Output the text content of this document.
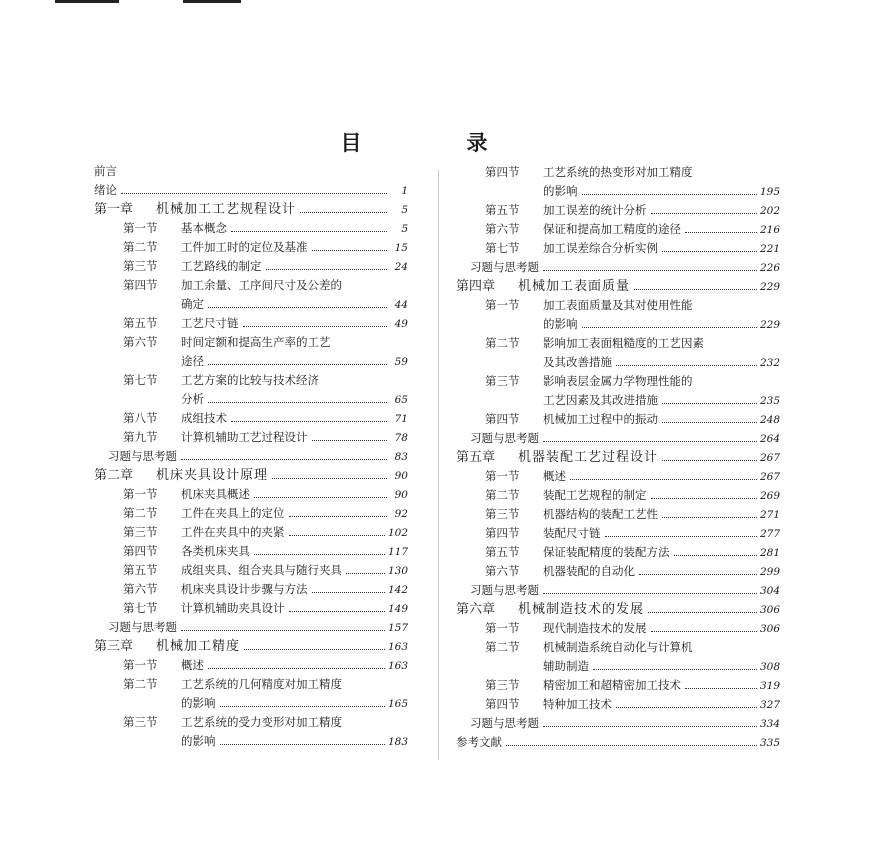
目　录
前言
绪论	1
第一章	机械加工工艺规程设计	5
第一节	基本概念	5
第二节	工件加工时的定位及基准	15
第三节	工艺路线的制定	24
第四节	加工余量、工序间尺寸及公差的
确定	44
第五节	工艺尺寸链	49
第六节	时间定额和提高生产率的工艺
途径	59
第七节	工艺方案的比较与技术经济
分析	65
第八节	成组技术	71
第九节	计算机辅助工艺过程设计	78
习题与思考题	83
第二章	机床夹具设计原理	90
第一节	机床夹具概述	90
第二节	工件在夹具上的定位	92
第三节	工件在夹具中的夹紧	102
第四节	各类机床夹具	117
第五节	成组夹具、组合夹具与随行夹具	130
第六节	机床夹具设计步骤与方法	142
第七节	计算机辅助夹具设计	149
习题与思考题	157
第三章	机械加工精度	163
第一节	概述	163
第二节	工艺系统的几何精度对加工精度
的影响	165
第三节	工艺系统的受力变形对加工精度
的影响	183
第四节	工艺系统的热变形对加工精度
的影响	195
第五节	加工误差的统计分析	202
第六节	保证和提高加工精度的途径	216
第七节	加工误差综合分析实例	221
习题与思考题	226
第四章	机械加工表面质量	229
第一节	加工表面质量及其对使用性能
的影响	229
第二节	影响加工表面粗糙度的工艺因素
及其改善措施	232
第三节	影响表层金属力学物理性能的
工艺因素及其改进措施	235
第四节	机械加工过程中的振动	248
习题与思考题	264
第五章	机器装配工艺过程设计	267
第一节	概述	267
第二节	装配工艺规程的制定	269
第三节	机器结构的装配工艺性	271
第四节	装配尺寸链	277
第五节	保证装配精度的装配方法	281
第六节	机器装配的自动化	299
习题与思考题	304
第六章	机械制造技术的发展	306
第一节	现代制造技术的发展	306
第二节	机械制造系统自动化与计算机
辅助制造	308
第三节	精密加工和超精密加工技术	319
第四节	特种加工技术	327
习题与思考题	334
参考文献	335
